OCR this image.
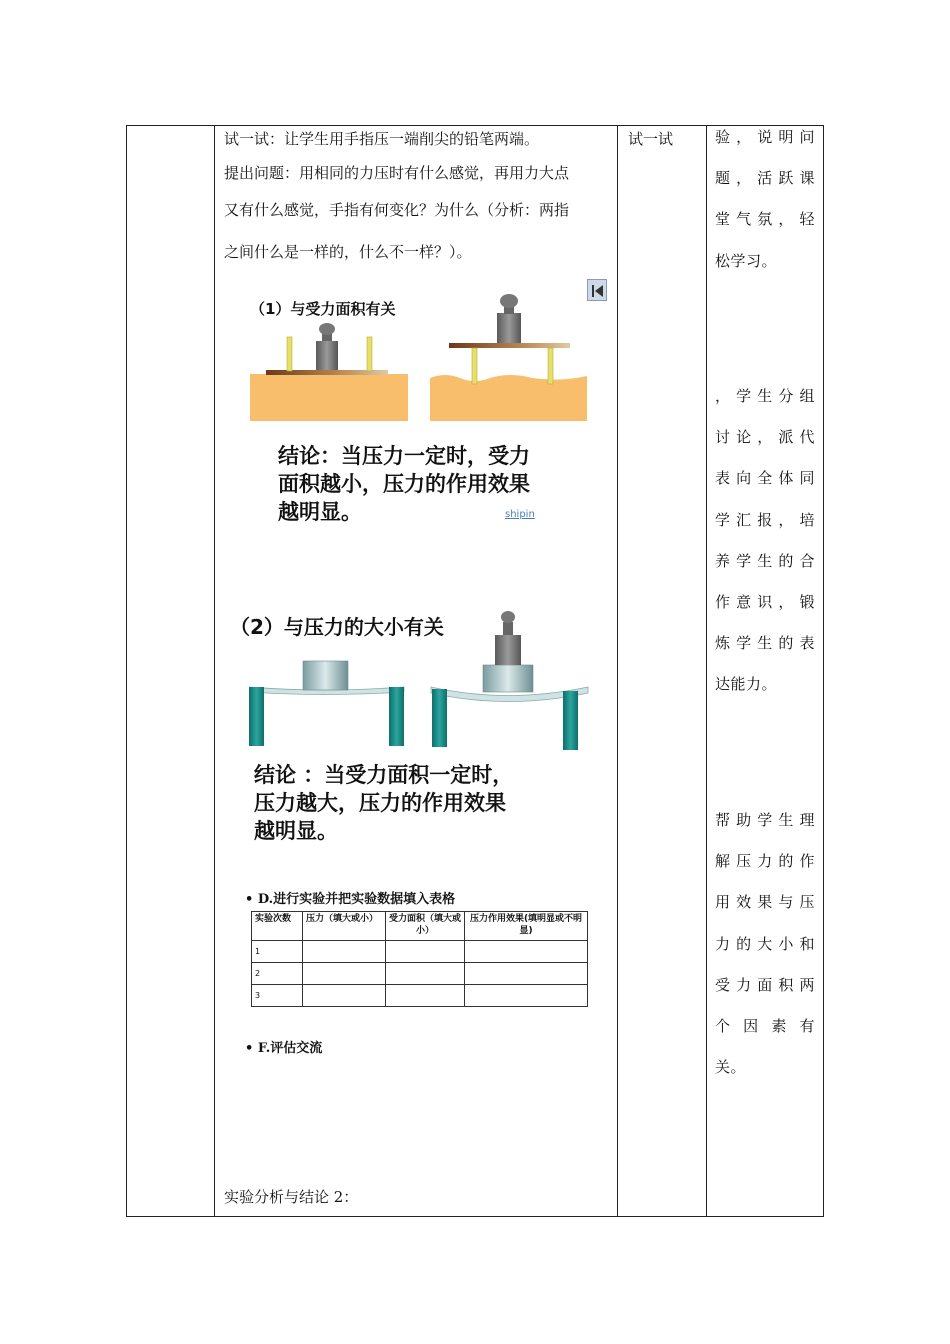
试一试：让学生用手指压一端削尖的铅笔两端。

提出问题：用相同的力压时有什么感觉，再用力大点

又有什么感觉，手指有何变化？为什么（分析：两指

之间什么是一样的，什么不一样？）。

实验分析与结论 2：
试一试	验，说明问
题，活跃课
堂气氛，轻
松学习。
，学生分组
讨论，派代
表向全体同
学汇报，培
养学生的合
作意识，锻
炼学生的表
达能力。
帮助学生理
解压力的作
用效果与压
力的大小和
受力面积两
个因素有
关。
（1）与受力面积有关
结论：当压力一定时，受力
面积越小，压力的作用效果
越明显。	shipin
（2）与压力的大小有关
结论 ：当受力面积一定时，
压力越大，压力的作用效果
越明显。
• D.进行实验并把实验数据填入表格
实验次数	压力（填大或小）	受力面积（填大或小）	压力作用效果(填明显或不明显)
1			
2			
3			
• F.评估交流
